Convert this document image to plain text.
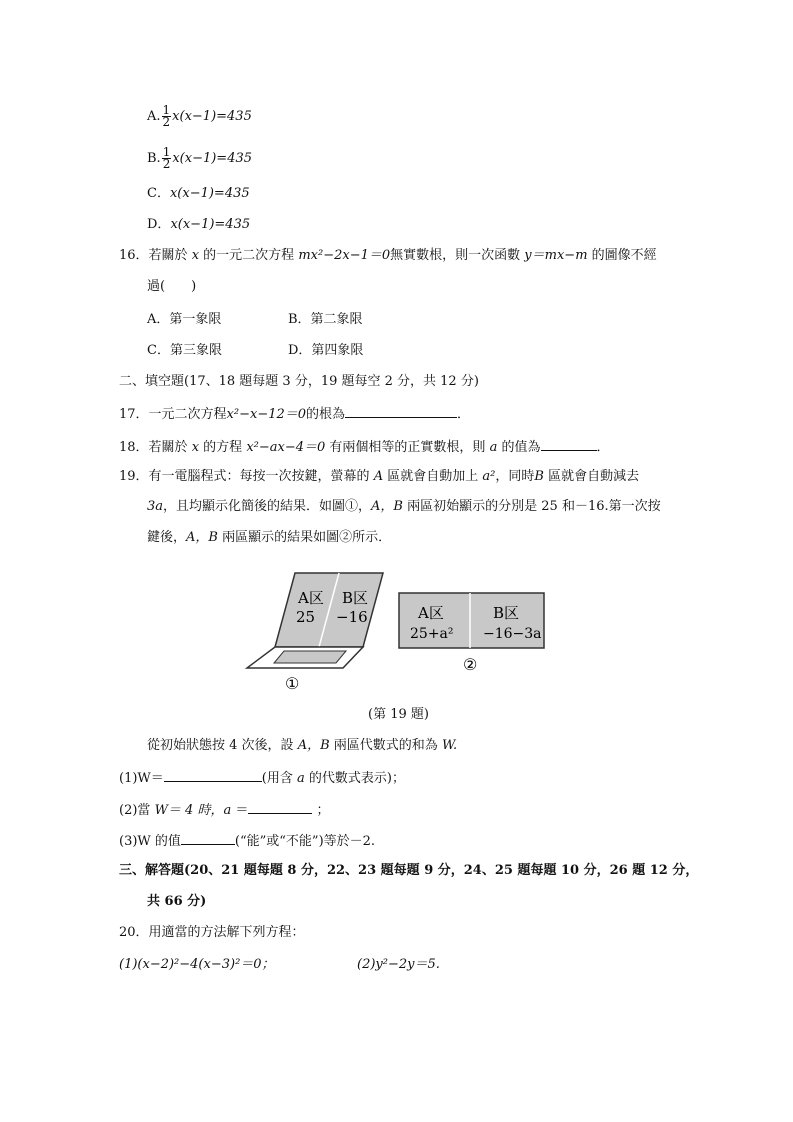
A. $\frac{1}{2} x(x-1)=435$
B. $\frac{1}{2} x(x-1)=435$
C．x(x−1)=435
D．x(x−1)=435
16．若關於 x 的一元二次方程 mx²−2x−1＝0無實數根，則一次函數 y＝mx−m 的圖像不經
過(　　)
A．第一象限	B．第二象限
C．第三象限	D．第四象限
二、填空題(17、18 題每題 3 分，19 題每空 2 分，共 12 分)
17．一元二次方程x²−x−12＝0的根為	．
18．若關於 x 的方程 x²−ax−4＝0 有兩個相等的正實數根，則 a 的值為	．
19．有一電腦程式：每按一次按鍵，螢幕的 A 區就會自動加上 a²，同時B 區就會自動減去
3a，且均顯示化簡後的結果．如圖①，A，B 兩區初始顯示的分別是 25 和－16.第一次按
鍵後，A，B 兩區顯示的結果如圖②所示．
A区 B区
25 −16
①
A区	B区
25+a² −16−3a
②
(第 19 題)
從初始狀態按 4 次後，設 A，B 兩區代數式的和為 W.
(1)W＝	(用含 a 的代數式表示)；
(2)當 W＝ 4 時，a ＝	；
(3)W 的值	(“能”或“不能”)等於－2.
三、解答題(20、21 題每題 8 分，22、23 題每題 9 分，24、25 題每題 10 分，26 題 12 分，
共 66 分)
20．用適當的方法解下列方程：
(1)(x−2)²−4(x−3)²＝0；	(2)y²−2y＝5.
